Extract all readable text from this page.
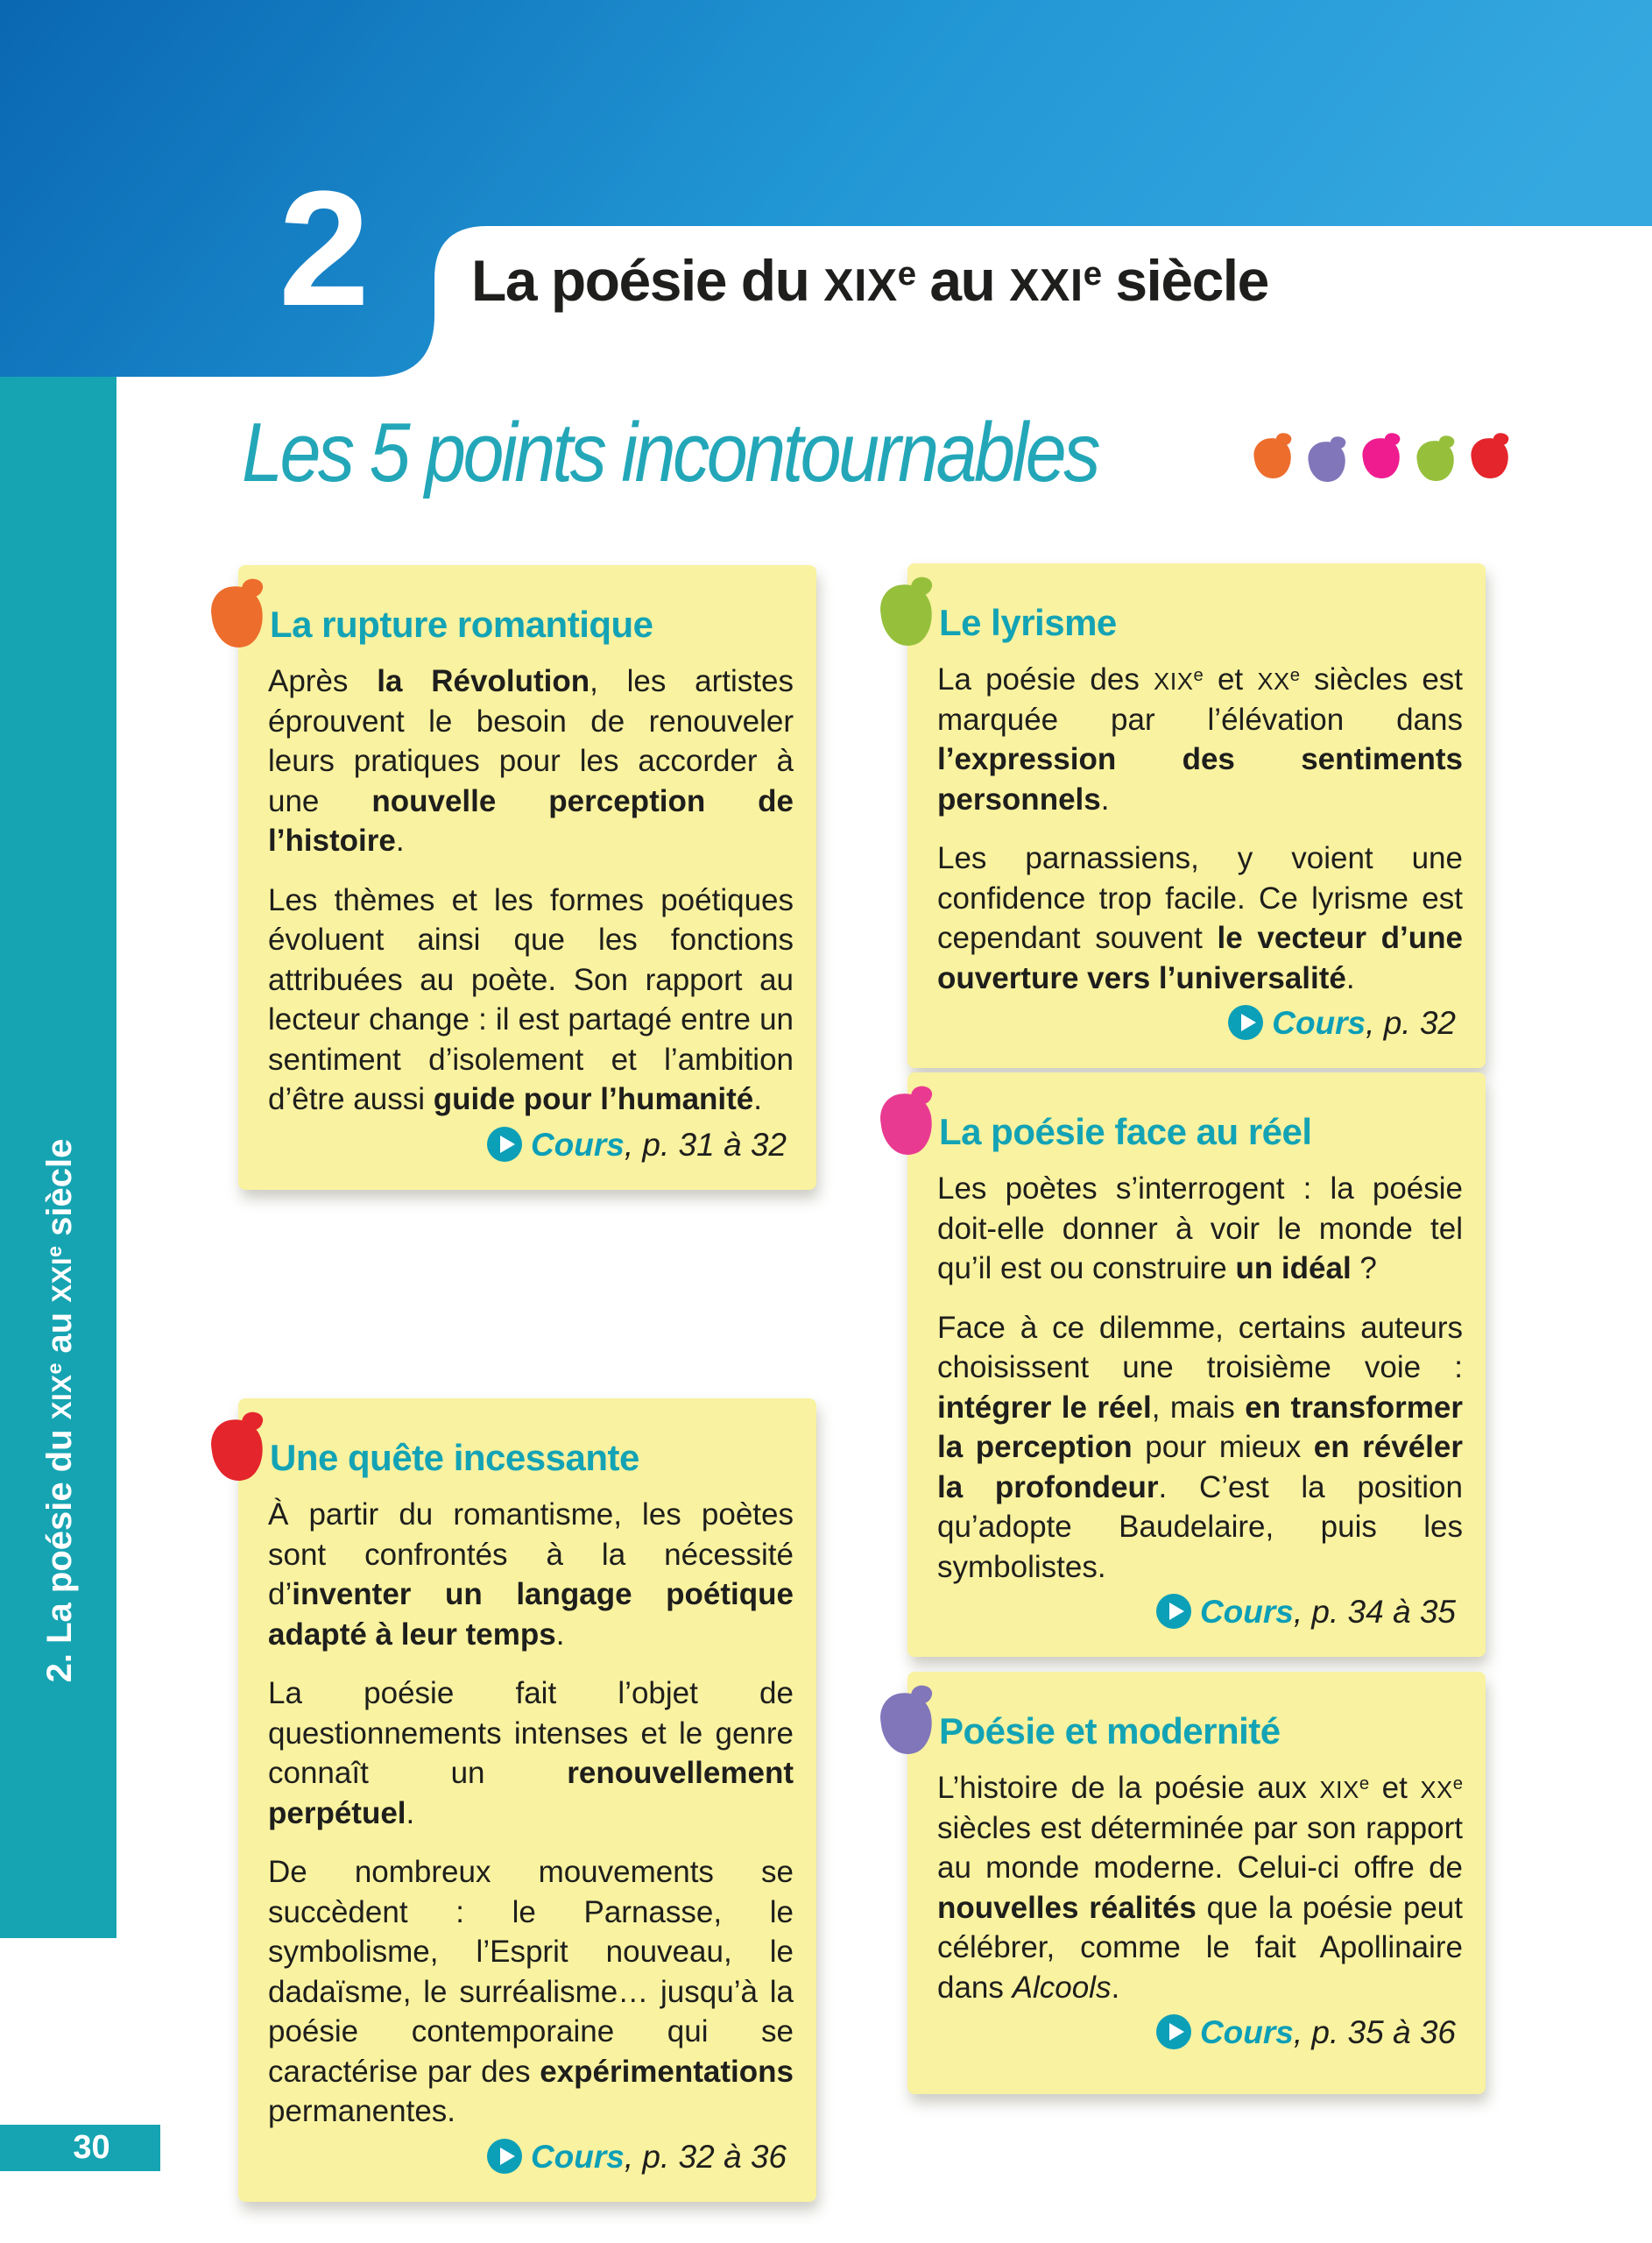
2 La poésie du XIXe au XXIe siècle
Les 5 points incontournables
2. La poésie du XIXe au XXIe siècle
La rupture romantique

Après la Révolution, les artistes éprouvent le besoin de renouveler leurs pratiques pour les accorder à une nouvelle perception de l’histoire.

Les thèmes et les formes poétiques évoluent ainsi que les fonctions attribuées au poète. Son rapport au lecteur change : il est partagé entre un sentiment d’isolement et l’ambition d’être aussi guide pour l’humanité.

Cours, p. 31 à 32
Le lyrisme

La poésie des XIXe et XXe siècles est marquée par l’élévation dans l’expression des sentiments personnels.

Les parnassiens, y voient une confidence trop facile. Ce lyrisme est cependant souvent le vecteur d’une ouverture vers l’universalité.

Cours, p. 32
La poésie face au réel

Les poètes s’interrogent : la poésie doit-elle donner à voir le monde tel qu’il est ou construire un idéal ?

Face à ce dilemme, certains auteurs choisissent une troisième voie : intégrer le réel, mais en transformer la perception pour mieux en révéler la profondeur. C’est la position qu’adopte Baudelaire, puis les symbolistes.

Cours, p. 34 à 35
Une quête incessante

À partir du romantisme, les poètes sont confrontés à la nécessité d’inventer un langage poétique adapté à leur temps.

La poésie fait l’objet de questionnements intenses et le genre connaît un renouvellement perpétuel.

De nombreux mouvements se succèdent : le Parnasse, le symbolisme, l’Esprit nouveau, le dadaïsme, le surréalisme… jusqu’à la poésie contemporaine qui se caractérise par des expérimentations permanentes.

Cours, p. 32 à 36
Poésie et modernité

L’histoire de la poésie aux XIXe et XXe siècles est déterminée par son rapport au monde moderne. Celui-ci offre de nouvelles réalités que la poésie peut célébrer, comme le fait Apollinaire dans Alcools.

Cours, p. 35 à 36
30
